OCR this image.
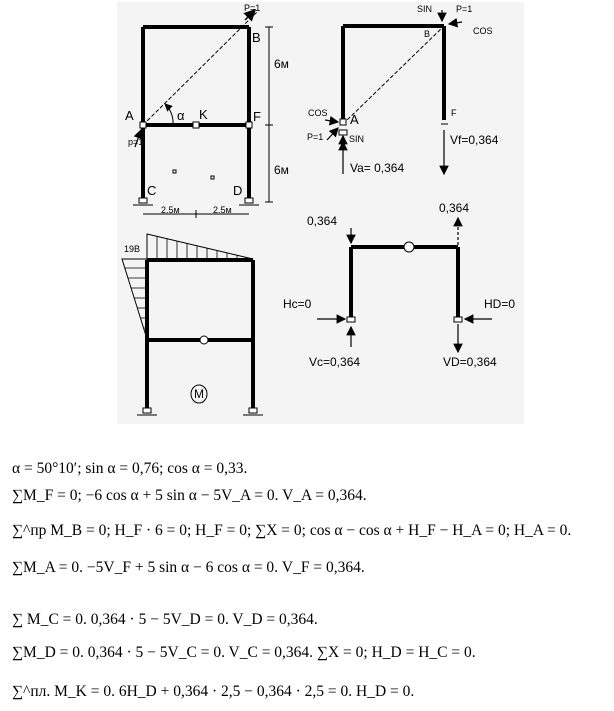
P=1
B
A	α K	F
6м
6м
p=1
C	D
2.5м	2.5м
SIN	P=1
B	COS
COS A	F
P=1	SIN
Va= 0,364
Vf=0,364
19В
M
0,364
0,364
Hc=0	HD=0
Vc=0,364	VD=0,364
α = 50°10′; sin α = 0,76; cos α = 0,33.
∑M_F = 0; −6 cos α + 5 sin α − 5V_A = 0. V_A = 0,364.
∑^пр M_B = 0; H_F · 6 = 0; H_F = 0; ∑X = 0; cos α − cos α + H_F − H_A = 0; H_A = 0.
∑M_A = 0. −5V_F + 5 sin α − 6 cos α = 0. V_F = 0,364.
∑ M_C = 0. 0,364 · 5 − 5V_D = 0. V_D = 0,364.
∑M_D = 0. 0,364 · 5 − 5V_C = 0. V_C = 0,364. ∑X = 0; H_D = H_C = 0.
∑^пл. M_K = 0. 6H_D + 0,364 · 2,5 − 0,364 · 2,5 = 0. H_D = 0.
